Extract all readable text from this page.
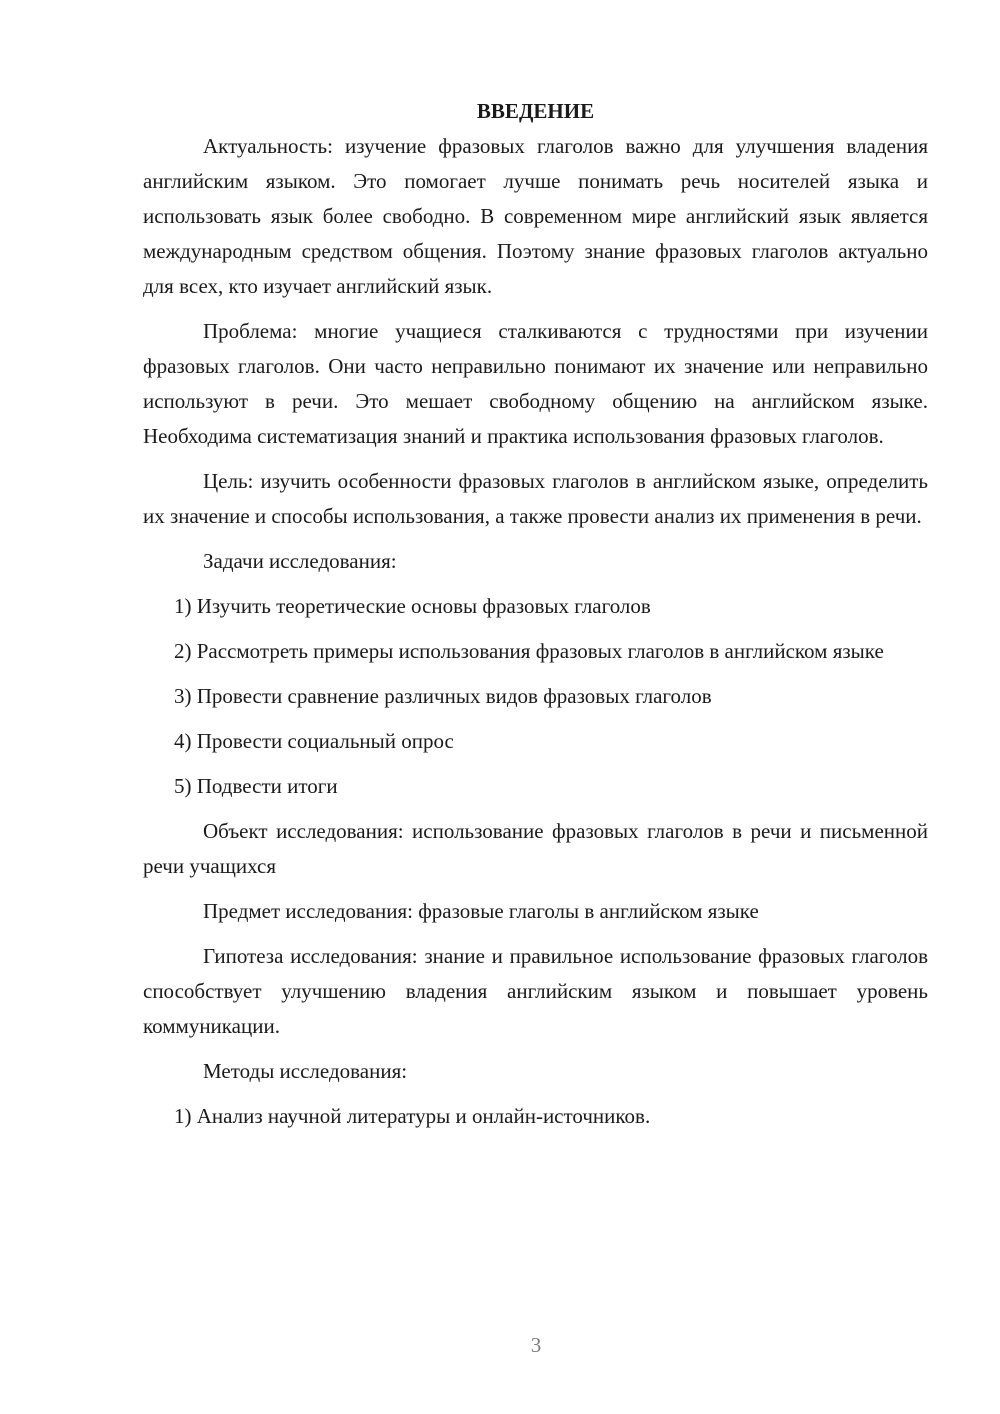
ВВЕДЕНИЕ

Актуальность: изучение фразовых глаголов важно для улучшения владения английским языком. Это помогает лучше понимать речь носителей языка и использовать язык более свободно. В современном мире английский язык является международным средством общения. Поэтому знание фразовых глаголов актуально для всех, кто изучает английский язык.

Проблема: многие учащиеся сталкиваются с трудностями при изучении фразовых глаголов. Они часто неправильно понимают их значение или неправильно используют в речи. Это мешает свободному общению на английском языке. Необходима систематизация знаний и практика использования фразовых глаголов.

Цель: изучить особенности фразовых глаголов в английском языке, определить их значение и способы использования, а также провести анализ их применения в речи.

Задачи исследования:

1) Изучить теоретические основы фразовых глаголов

2) Рассмотреть примеры использования фразовых глаголов в английском языке

3) Провести сравнение различных видов фразовых глаголов

4) Провести социальный опрос

5) Подвести итоги

Объект исследования: использование фразовых глаголов в речи и письменной речи учащихся

Предмет исследования: фразовые глаголы в английском языке

Гипотеза исследования: знание и правильное использование фразовых глаголов способствует улучшению владения английским языком и повышает уровень коммуникации.

Методы исследования:

1) Анализ научной литературы и онлайн-источников.

3
